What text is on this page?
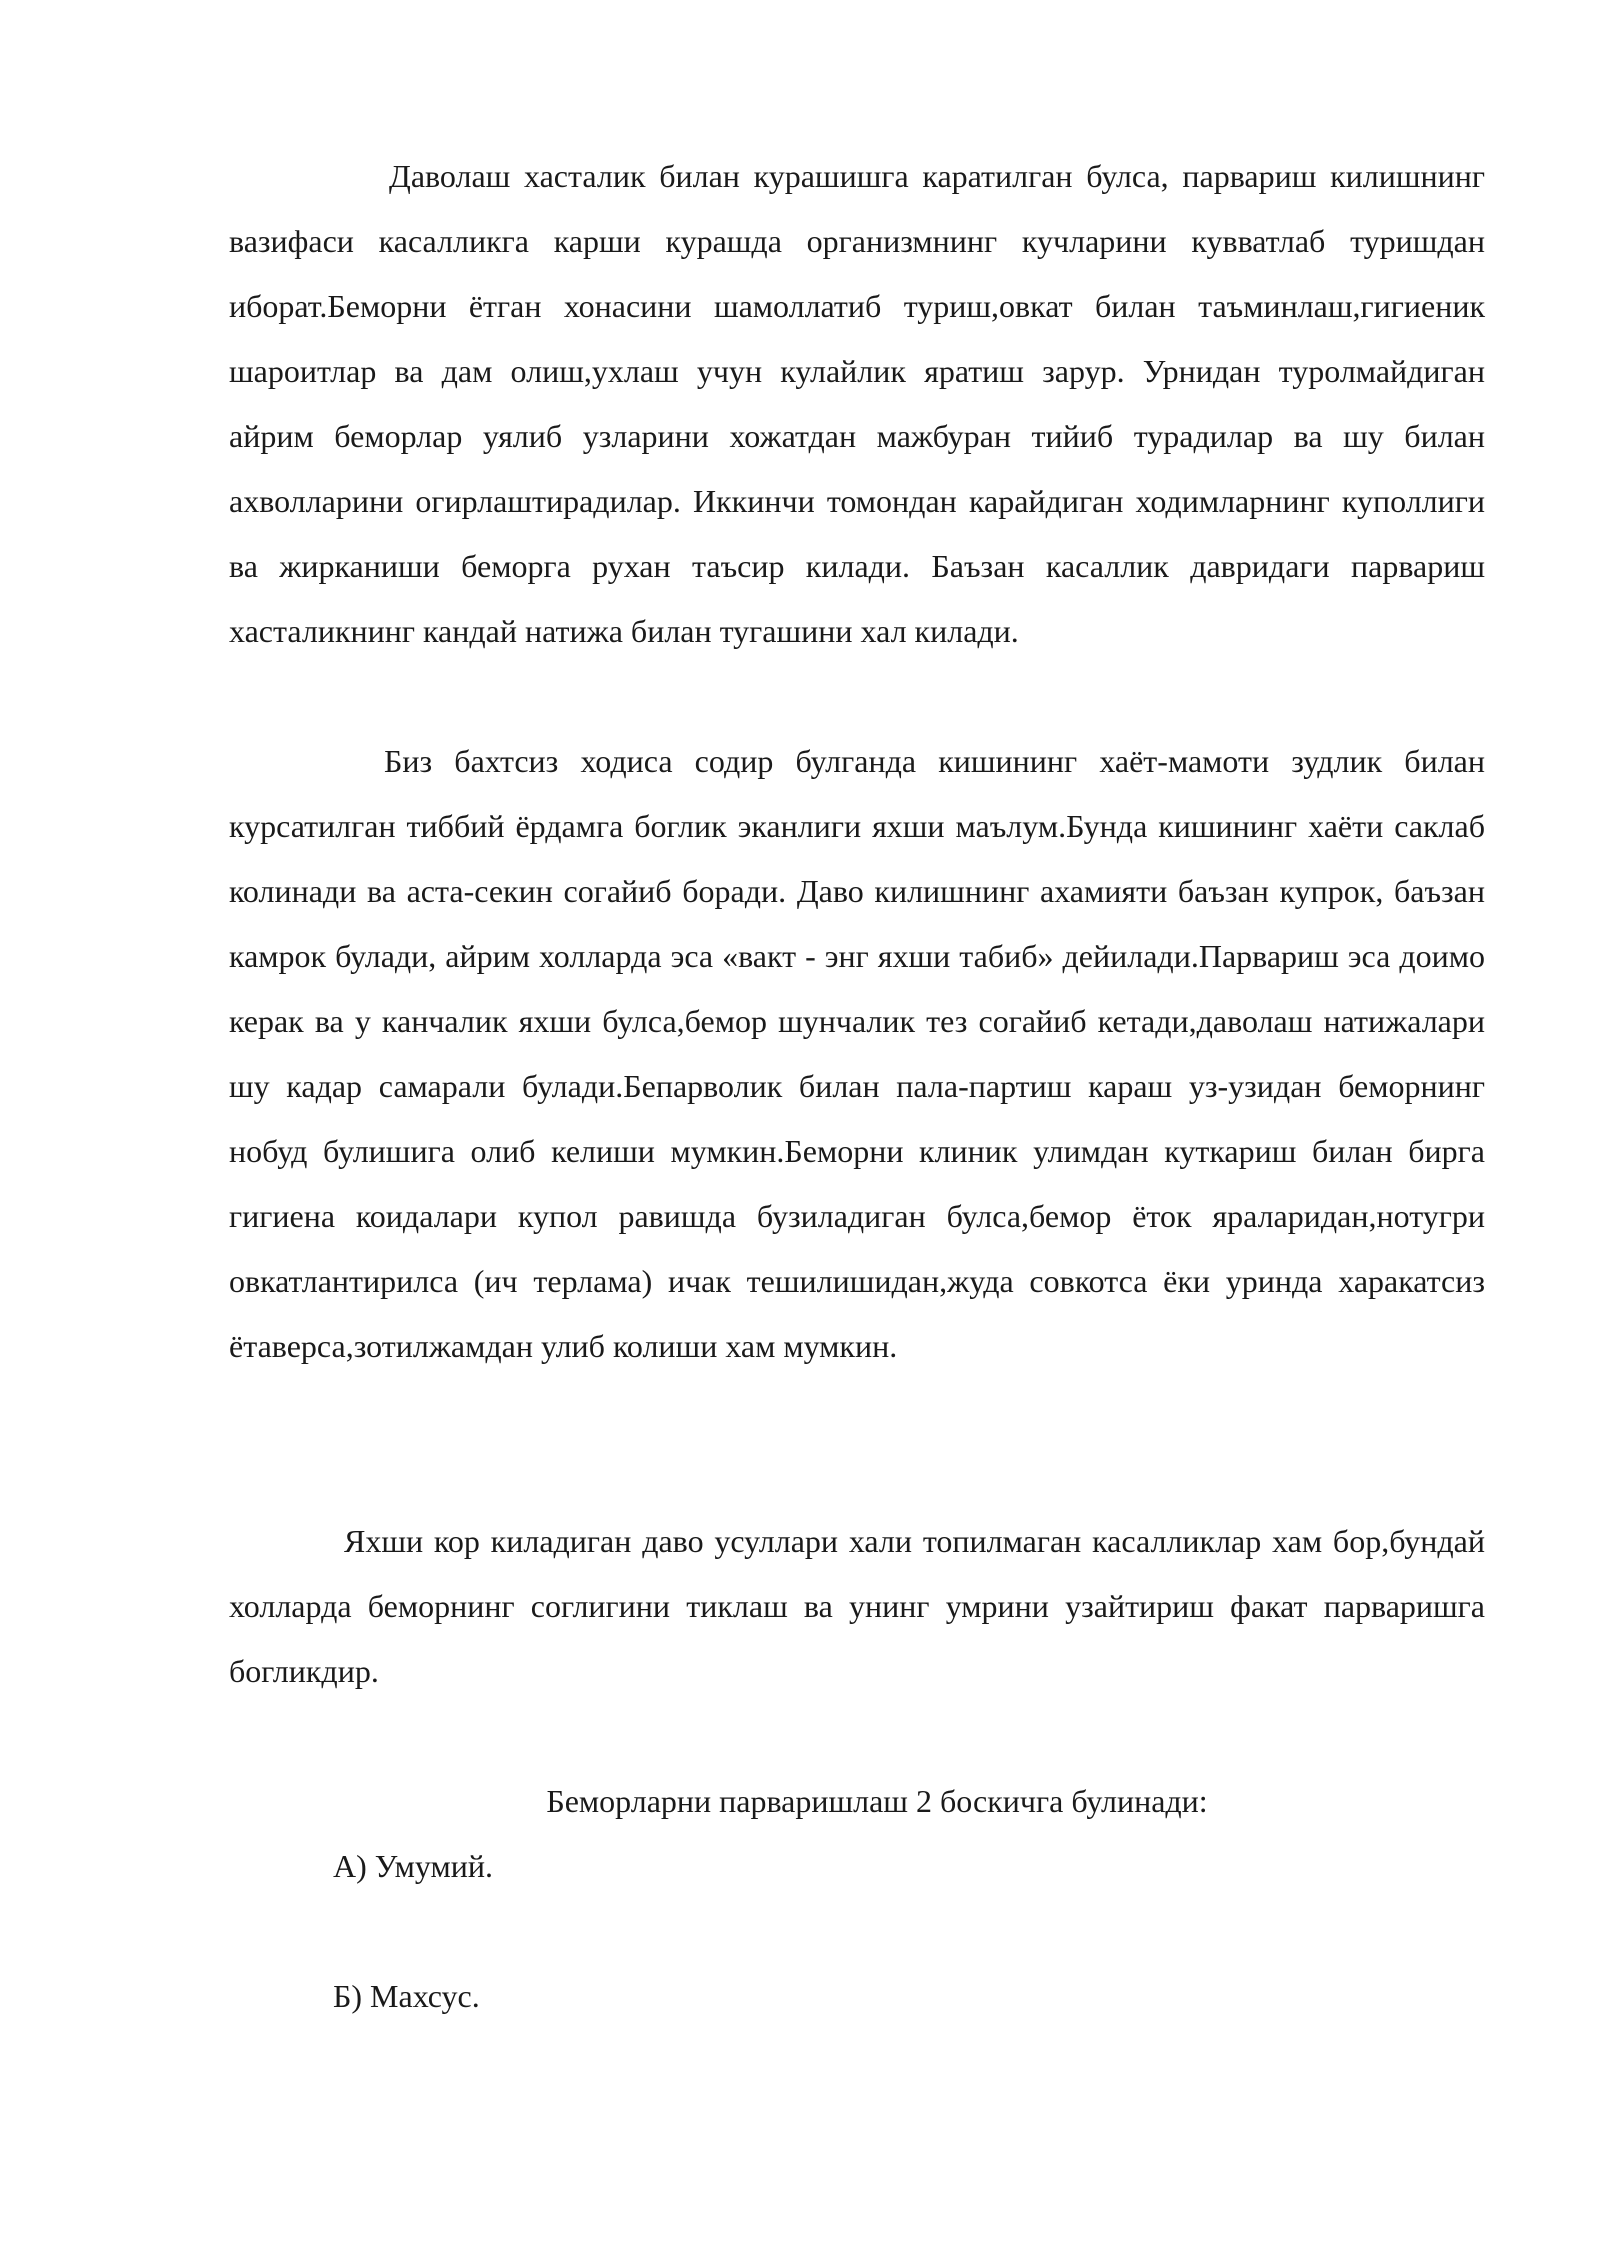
Даволаш хасталик билан курашишга каратилган булса, парвариш килишнинг вазифаси касалликга карши курашда организмнинг кучларини кувватлаб туришдан иборат.Беморни ётган хонасини шамоллатиб туриш,овкат билан таъминлаш,гигиеник шароитлар ва дам олиш,ухлаш учун кулайлик яратиш зарур. Урнидан туролмайдиган айрим беморлар уялиб узларини хожатдан мажбуран тийиб турадилар ва шу билан ахволларини огирлаштирадилар. Иккинчи томондан карайдиган ходимларнинг куполлиги ва жирканиши беморга рухан таъсир килади. Баъзан касаллик давридаги парвариш хасталикнинг кандай натижа билан тугашини хал килади.

Биз бахтсиз ходиса содир булганда кишининг хаёт-мамоти зудлик билан курсатилган тиббий ёрдамга боглик эканлиги яхши маълум.Бунда кишининг хаёти саклаб колинади ва аста-секин согайиб боради. Даво килишнинг ахамияти баъзан купрок, баъзан камрок булади, айрим холларда эса «вакт - энг яхши табиб» дейилади.Парвариш эса доимо керак ва у канчалик яхши булса,бемор шунчалик тез согайиб кетади,даволаш натижалари шу кадар самарали булади.Бепарволик билан пала-партиш караш уз-узидан беморнинг нобуд булишига олиб келиши мумкин.Беморни клиник улимдан куткариш билан бирга гигиена коидалари купол равишда бузиладиган булса,бемор ёток яраларидан,нотугри овкатлантирилса (ич терлама) ичак тешилишидан,жуда совкотса ёки уринда харакатсиз ётаверса,зотилжамдан улиб колиши хам мумкин.

Яхши кор киладиган даво усуллари хали топилмаган касалликлар хам бор,бундай холларда беморнинг соглигини тиклаш ва унинг умрини узайтириш факат парваришга богликдир.

Беморларни парваришлаш 2 боскичга булинади:
А) Умумий.
Б) Махсус.
